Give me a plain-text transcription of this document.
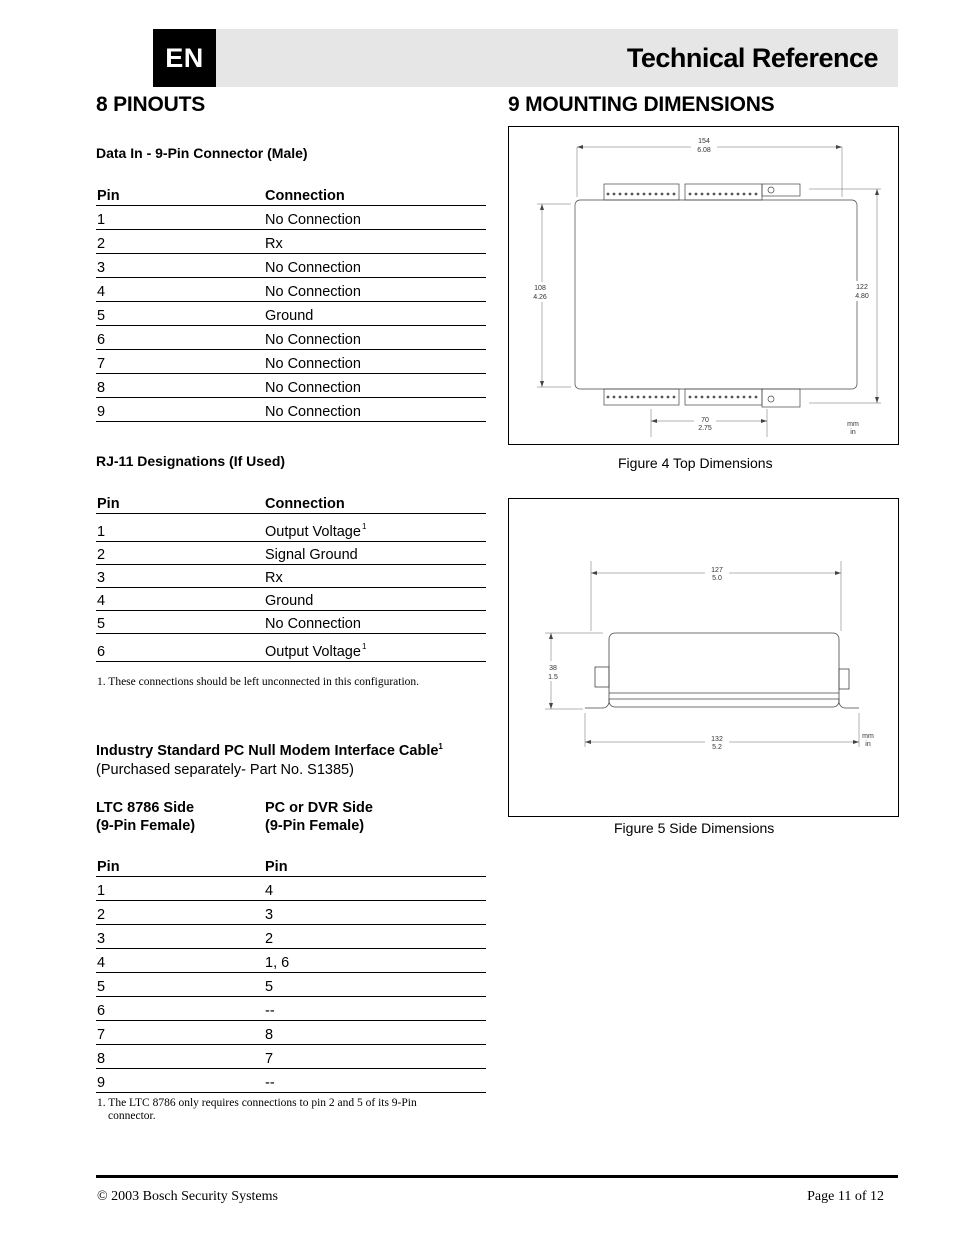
EN	Technical Reference
8 PINOUTS
Data In - 9-Pin Connector (Male)
Pin	Connection
1	No Connection
2	Rx
3	No Connection
4	No Connection
5	Ground
6	No Connection
7	No Connection
8	No Connection
9	No Connection
RJ-11 Designations (If Used)
Pin	Connection
1	Output Voltage$^1$
2	Signal Ground
3	Rx
4	Ground
5	No Connection
6	Output Voltage$^1$
1. These connections should be left unconnected in this configuration.
Industry Standard PC Null Modem Interface Cable$^1$
(Purchased separately- Part No. S1385)
LTC 8786 Side
(9-Pin Female)
PC or DVR Side
(9-Pin Female)
Pin	Pin
1	4
2	3
3	2
4	1, 6
5	5
6	--
7	8
8	7
9	--
1. The LTC 8786 only requires connections to pin 2 and 5 of its 9-Pin
connector.
9 MOUNTING DIMENSIONS
154
6.08
108
4.26
122
4.80
70
2.75
mm
in
Figure 4 Top Dimensions
127
5.0
38
1.5
132
5.2
mm
in
Figure 5 Side Dimensions
© 2003 Bosch Security Systems	Page 11 of 12
